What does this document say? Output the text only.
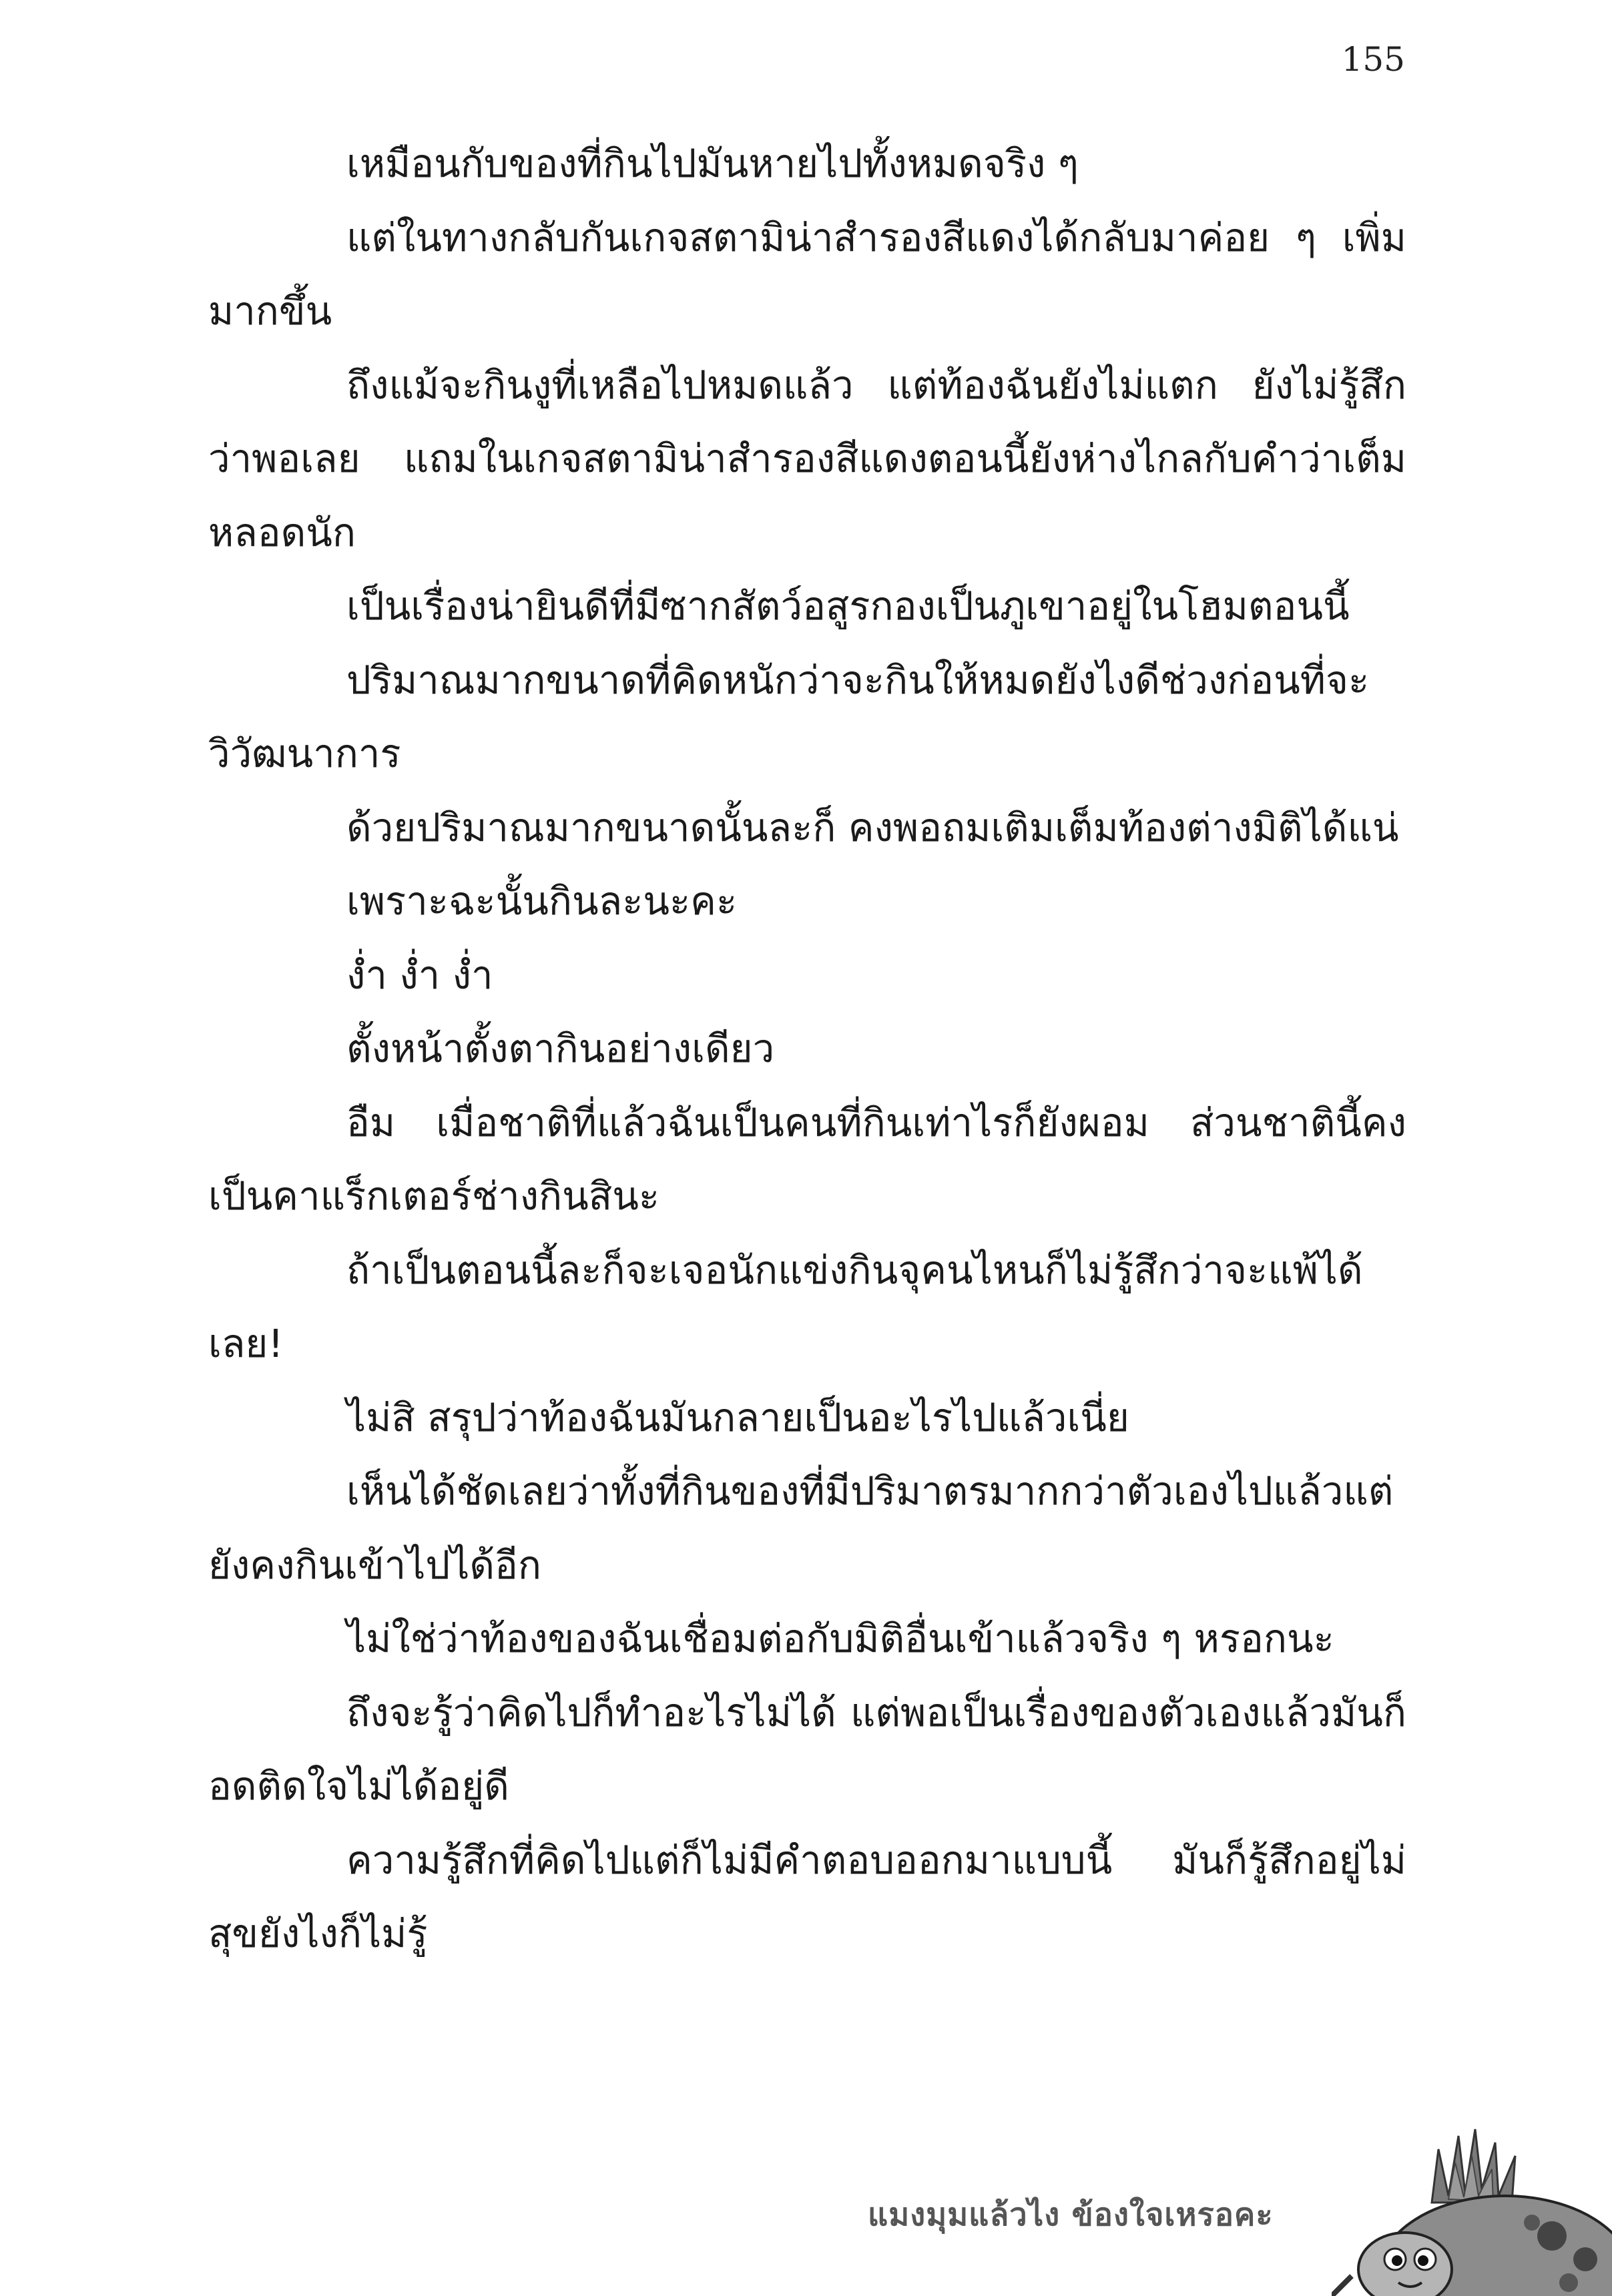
155

เหมือนกับของที่กินไปมันหายไปทั้งหมดจริง ๆ

แต่ในทางกลับกันเกจสตามิน่าสำรองสีแดงได้กลับมาค่อย ๆ เพิ่มมากขึ้น

ถึงแม้จะกินงูที่เหลือไปหมดแล้ว แต่ท้องฉันยังไม่แตก ยังไม่รู้สึกว่าพอเลย แถมในเกจสตามิน่าสำรองสีแดงตอนนี้ยังห่างไกลกับคำว่าเต็มหลอดนัก

เป็นเรื่องน่ายินดีที่มีซากสัตว์อสูรกองเป็นภูเขาอยู่ในโฮมตอนนี้

ปริมาณมากขนาดที่คิดหนักว่าจะกินให้หมดยังไงดีช่วงก่อนที่จะวิวัฒนาการ

ด้วยปริมาณมากขนาดนั้นละก็ คงพอถมเติมเต็มท้องต่างมิติได้แน่

เพราะฉะนั้นกินละนะคะ

ง่ำ ง่ำ ง่ำ

ตั้งหน้าตั้งตากินอย่างเดียว

อืม เมื่อชาติที่แล้วฉันเป็นคนที่กินเท่าไรก็ยังผอม ส่วนชาตินี้คงเป็นคาแร็กเตอร์ช่างกินสินะ

ถ้าเป็นตอนนี้ละก็จะเจอนักแข่งกินจุคนไหนก็ไม่รู้สึกว่าจะแพ้ได้เลย!

ไม่สิ สรุปว่าท้องฉันมันกลายเป็นอะไรไปแล้วเนี่ย

เห็นได้ชัดเลยว่าทั้งที่กินของที่มีปริมาตรมากกว่าตัวเองไปแล้วแต่ยังคงกินเข้าไปได้อีก

ไม่ใช่ว่าท้องของฉันเชื่อมต่อกับมิติอื่นเข้าแล้วจริง ๆ หรอกนะ

ถึงจะรู้ว่าคิดไปก็ทำอะไรไม่ได้ แต่พอเป็นเรื่องของตัวเองแล้วมันก็อดติดใจไม่ได้อยู่ดี

ความรู้สึกที่คิดไปแต่ก็ไม่มีคำตอบออกมาแบบนี้ มันก็รู้สึกอยู่ไม่สุขยังไงก็ไม่รู้

แมงมุมแล้วไง ข้องใจเหรอคะ
